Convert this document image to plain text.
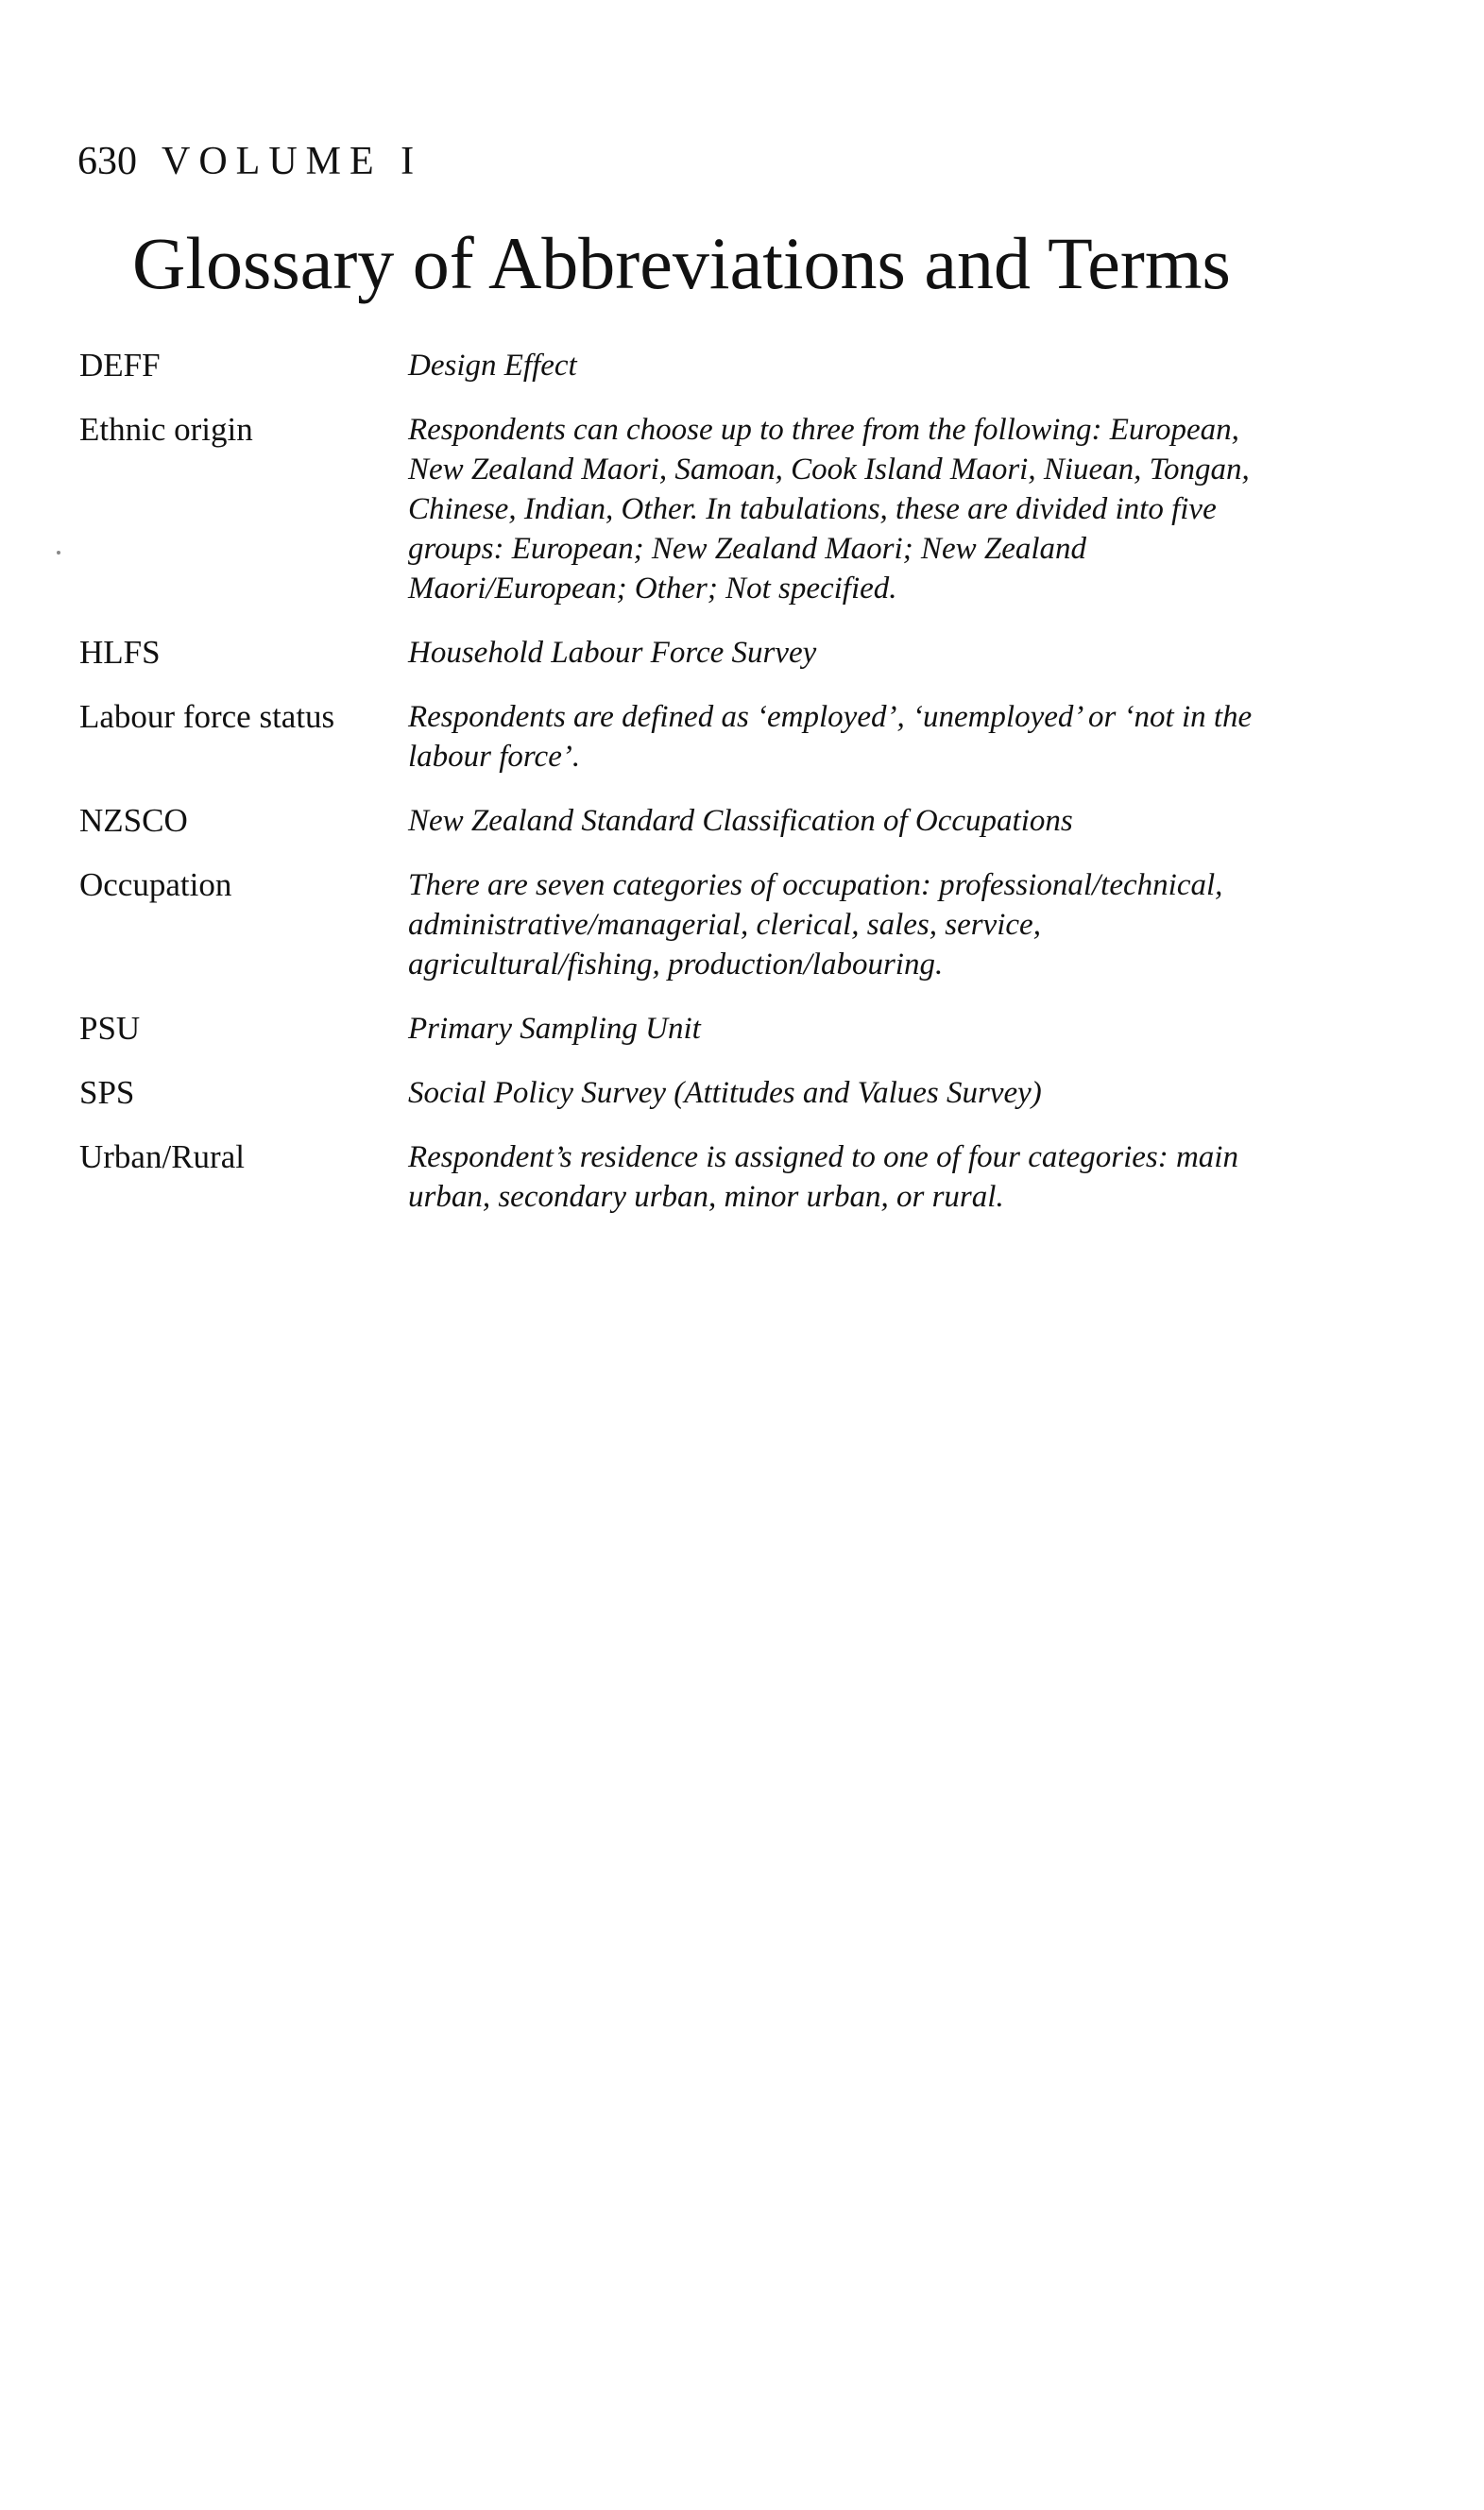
630 VOLUME I
Glossary of Abbreviations and Terms
DEFF	Design Effect
Ethnic origin	Respondents can choose up to three from the following: European, New Zealand Maori, Samoan, Cook Island Maori, Niuean, Tongan, Chinese, Indian, Other. In tabulations, these are divided into five groups: European; New Zealand Maori; New Zealand Maori/European; Other; Not specified.
HLFS	Household Labour Force Survey
Labour force status	Respondents are defined as ‘employed’, ‘unemployed’ or ‘not in the labour force’.
NZSCO	New Zealand Standard Classification of Occupations
Occupation	There are seven categories of occupation: professional/technical, administrative/managerial, clerical, sales, service, agricultural/fishing, production/labouring.
PSU	Primary Sampling Unit
SPS	Social Policy Survey (Attitudes and Values Survey)
Urban/Rural	Respondent’s residence is assigned to one of four categories: main urban, secondary urban, minor urban, or rural.
